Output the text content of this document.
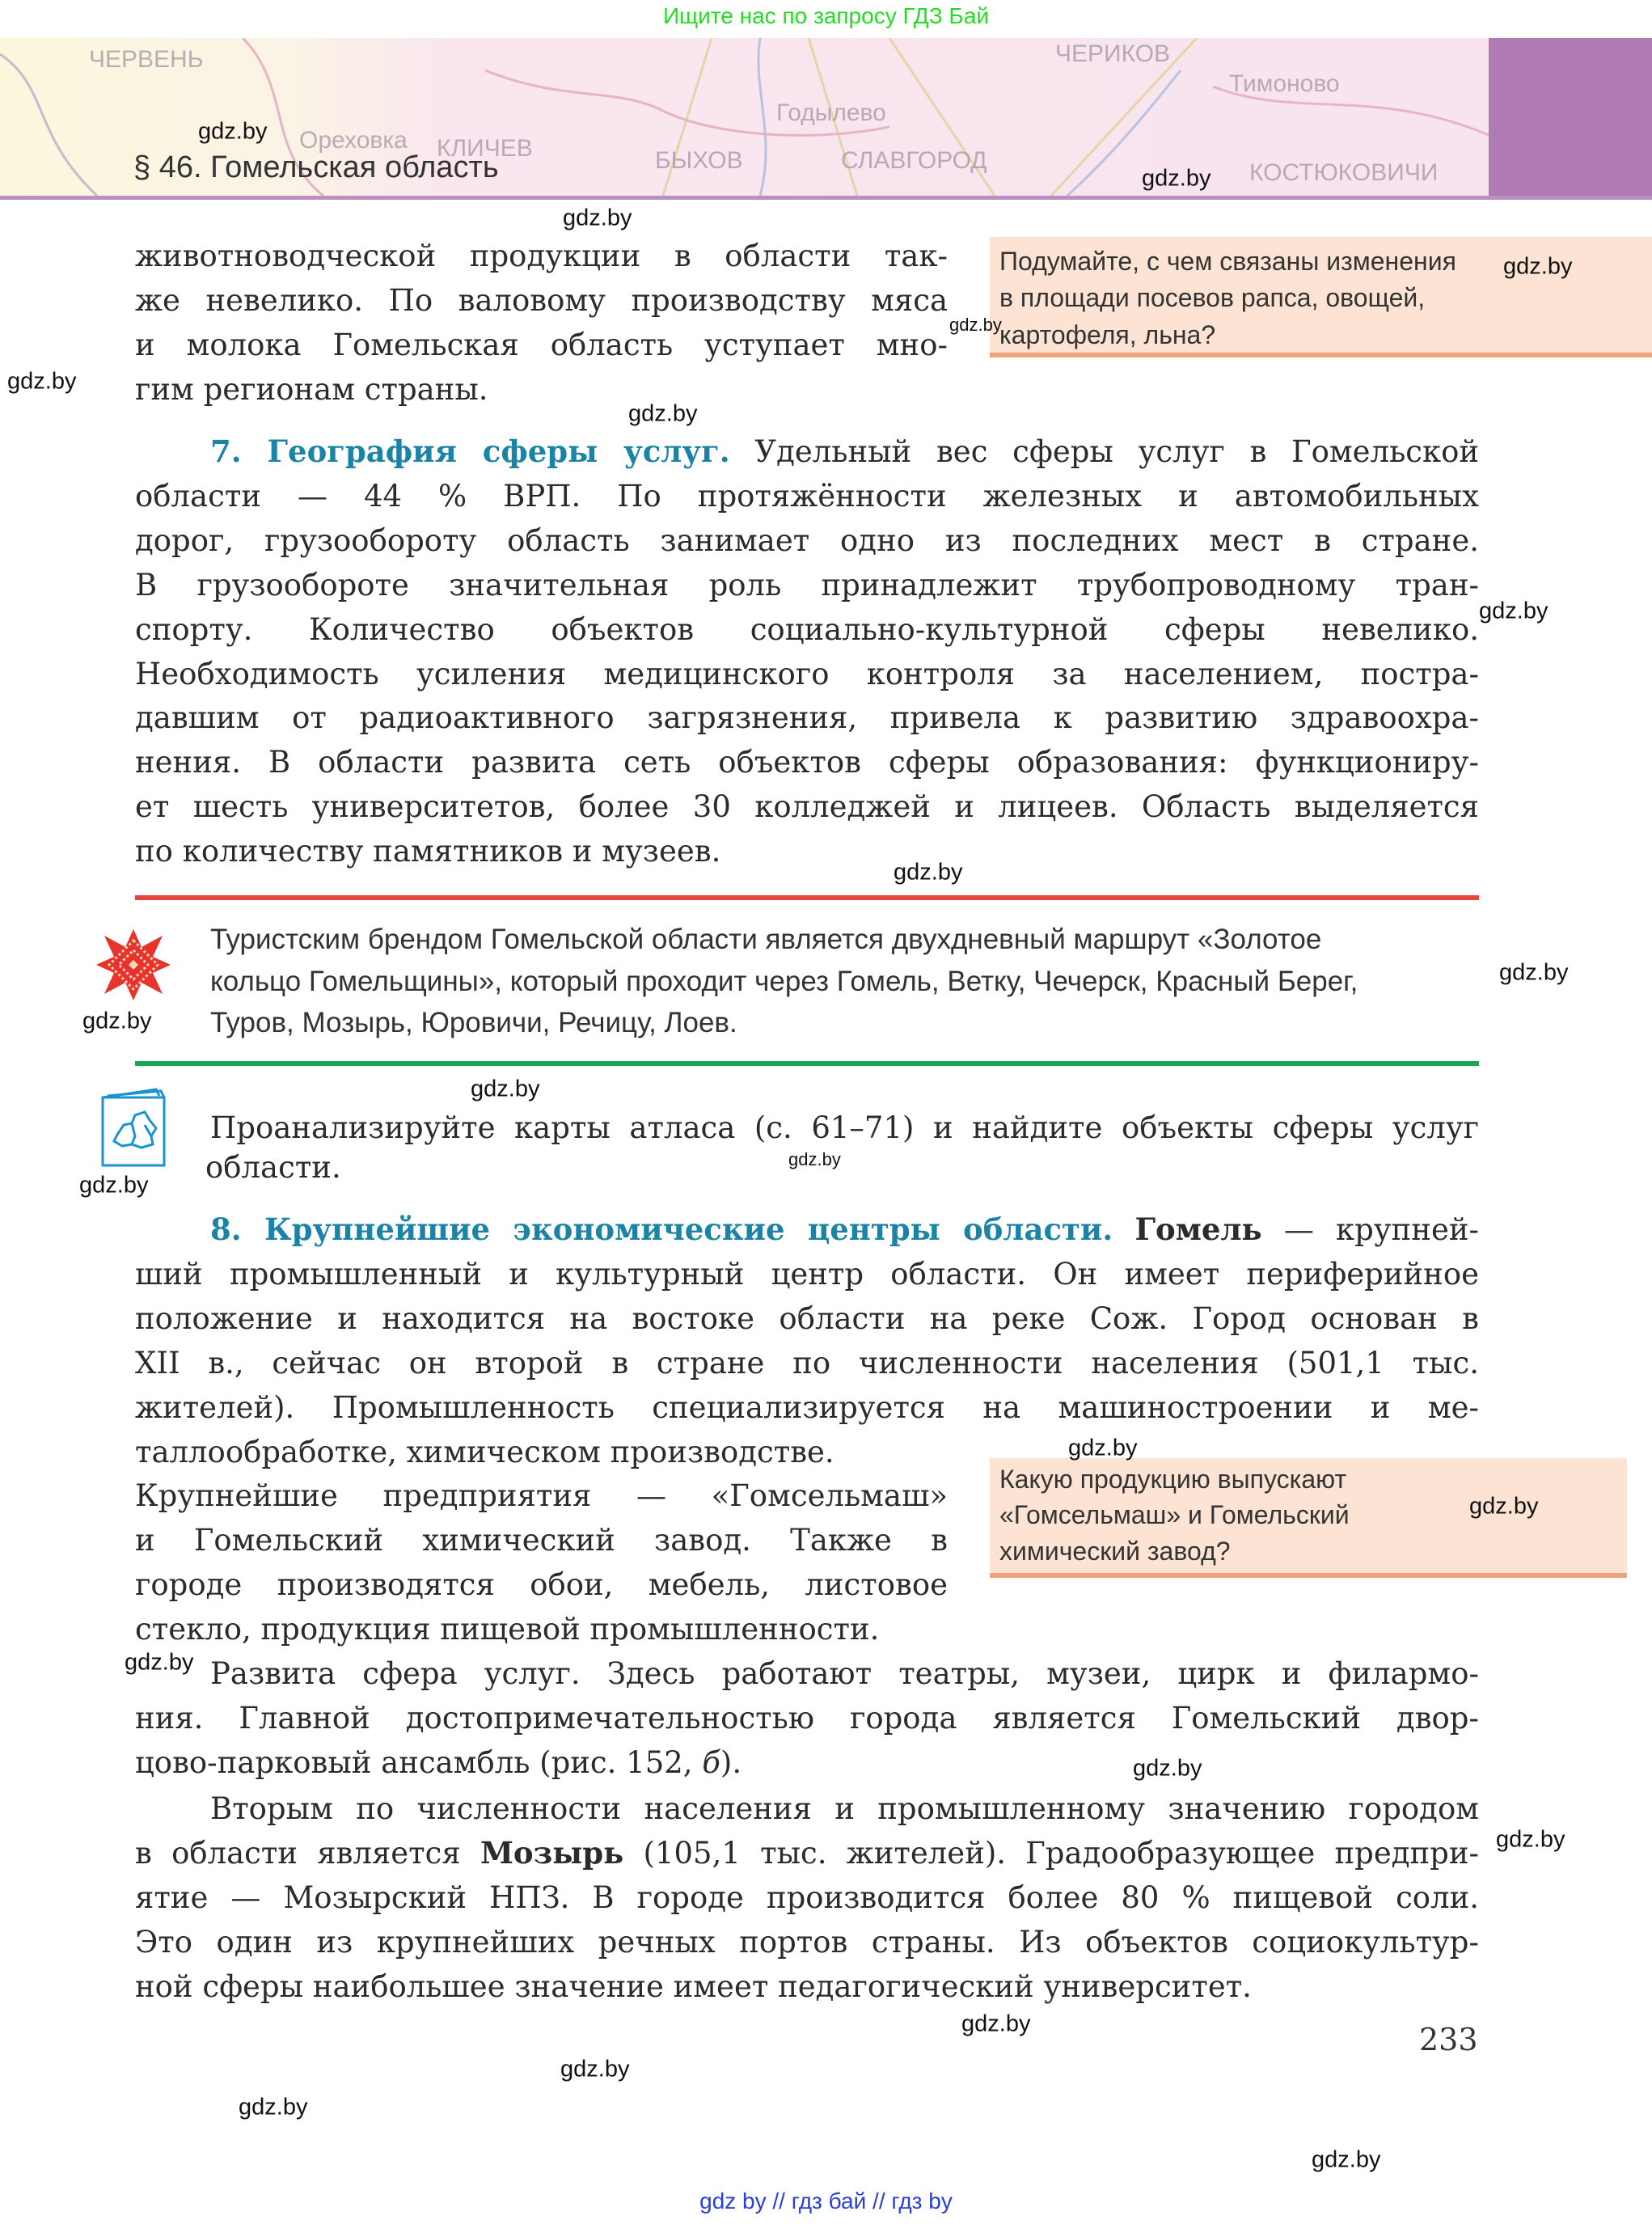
Ищите нас по запросу ГДЗ Бай
ЧЕРВЕНЬ
Ореховка КЛИЧЕВ
Годылево
БЫХОВ	СЛАВГОРОД
ЧЕРИКОВ
Тимоново
КОСТЮКОВИЧИ
§ 46. Гомельская область
Подумайте, с чем связаны изменения
в площади посевов рапса, овощей,
картофеля, льна?
Какую продукцию выпускают
«Гомсельмаш» и Гомельский
химический завод?
животноводческой продукции в области так-
же невелико. По валовому производству мяса
и молока Гомельская область уступает мно-
гим регионам страны.
7. География сферы услуг. Удельный вес сферы услуг в Гомельской
области — 44 % ВРП. По протяжённости железных и автомобильных
дорог, грузообороту область занимает одно из последних мест в стране.
В грузообороте значительная роль принадлежит трубопроводному тран-
спорту. Количество объектов социально-культурной сферы невелико.
Необходимость усиления медицинского контроля за населением, постра-
давшим от радиоактивного загрязнения, привела к развитию здравоохра-
нения. В области развита сеть объектов сферы образования: функциониру-
ет шесть университетов, более 30 колледжей и лицеев. Область выделяется
по количеству памятников и музеев.
Туристским брендом Гомельской области является двухдневный маршрут «Золотое
кольцо Гомельщины», который проходит через Гомель, Ветку, Чечерск, Красный Берег,
Туров, Мозырь, Юровичи, Речицу, Лоев.
Проанализируйте карты атласа (с. 61–71) и найдите объекты сферы услуг
области.
8. Крупнейшие экономические центры области. Гомель — крупней-
ший промышленный и культурный центр области. Он имеет периферийное
положение и находится на востоке области на реке Сож. Город основан в
XII в., сейчас он второй в стране по численности населения (501,1 тыс.
жителей). Промышленность специализируется на машиностроении и ме-
таллообработке, химическом производстве.
Крупнейшие предприятия — «Гомсельмаш»
и Гомельский химический завод. Также в
городе производятся обои, мебель, листовое
стекло, продукция пищевой промышленности.
Развита сфера услуг. Здесь работают театры, музеи, цирк и филармо-
ния. Главной достопримечательностью города является Гомельский двор-
цово-парковый ансамбль (рис. 152, б).
Вторым по численности населения и промышленному значению городом
в области является Мозырь (105,1 тыс. жителей). Градообразующее предпри-
ятие — Мозырский НПЗ. В городе производится более 80 % пищевой соли.
Это один из крупнейших речных портов страны. Из объектов социокультур-
ной сферы наибольшее значение имеет педагогический университет.
233
gdz by // гдз бай // гдз by
gdz.by
gdz.by
gdz.by
gdz.by
gdz.by
gdz.by
gdz.by
gdz.by
gdz.by
gdz.by
gdz.by
gdz.by
gdz.by
gdz.by
gdz.by
gdz.by
gdz.by
gdz.by
gdz.by
gdz.by
gdz.by
gdz.by
gdz.by
